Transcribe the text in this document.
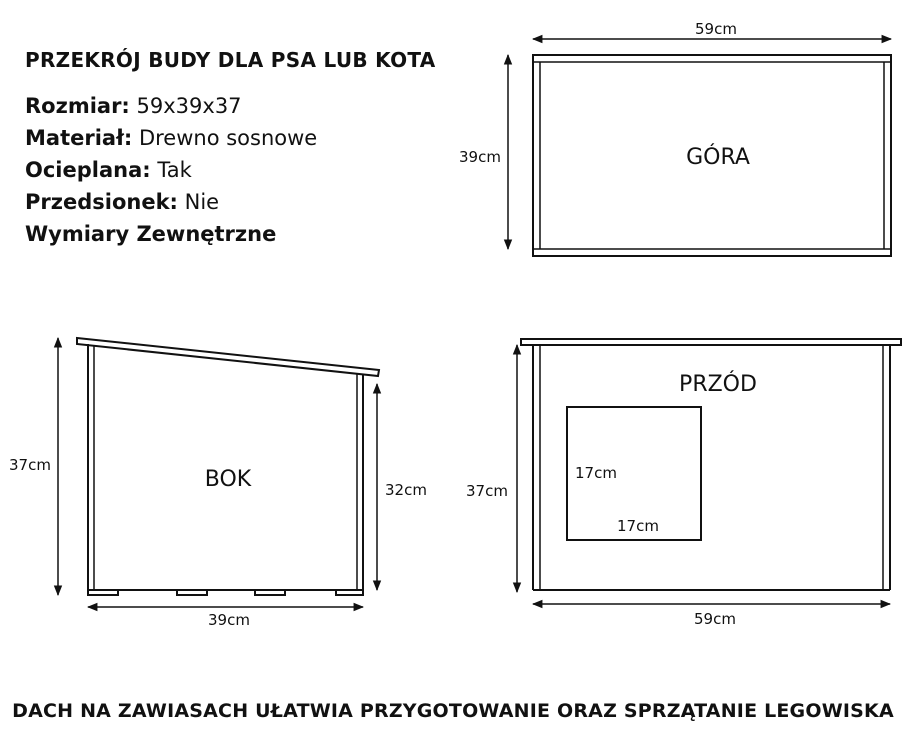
PRZEKRÓJ BUDY DLA PSA LUB KOTA
Rozmiar: 59x39x37
Materiał: Drewno sosnowe
Ocieplana: Tak
Przedsionek: Nie
Wymiary Zewnętrzne
59cm
39cm	GÓRA
37cm
32cm
39cm
BOK	37cm
59cm
17cm
17cm
PRZÓD
DACH NA ZAWIASACH UŁATWIA PRZYGOTOWANIE ORAZ SPRZĄTANIE LEGOWISKA
